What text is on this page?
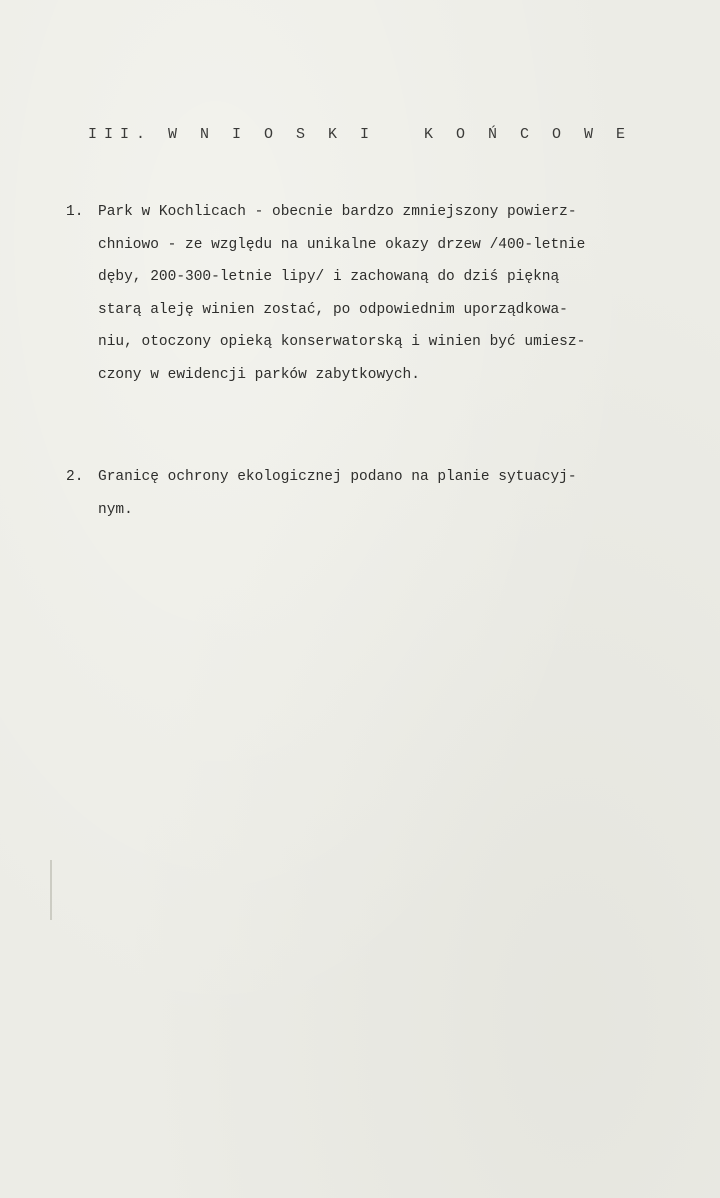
III. W N I O S K I   K O Ń C O W E
1. Park w Kochlicach - obecnie bardzo zmniejszony powierz-
chniowo - ze względu na unikalne okazy drzew /400-letnie
dęby, 200-300-letnie lipy/ i zachowaną do dziś piękną
starą aleję winien zostać, po odpowiednim uporządkowa-
niu, otoczony opieką konserwatorską i winien być umiesz-
czony w ewidencji parków zabytkowych.
2. Granicę ochrony ekologicznej podano na planie sytuacyj-
nym.
